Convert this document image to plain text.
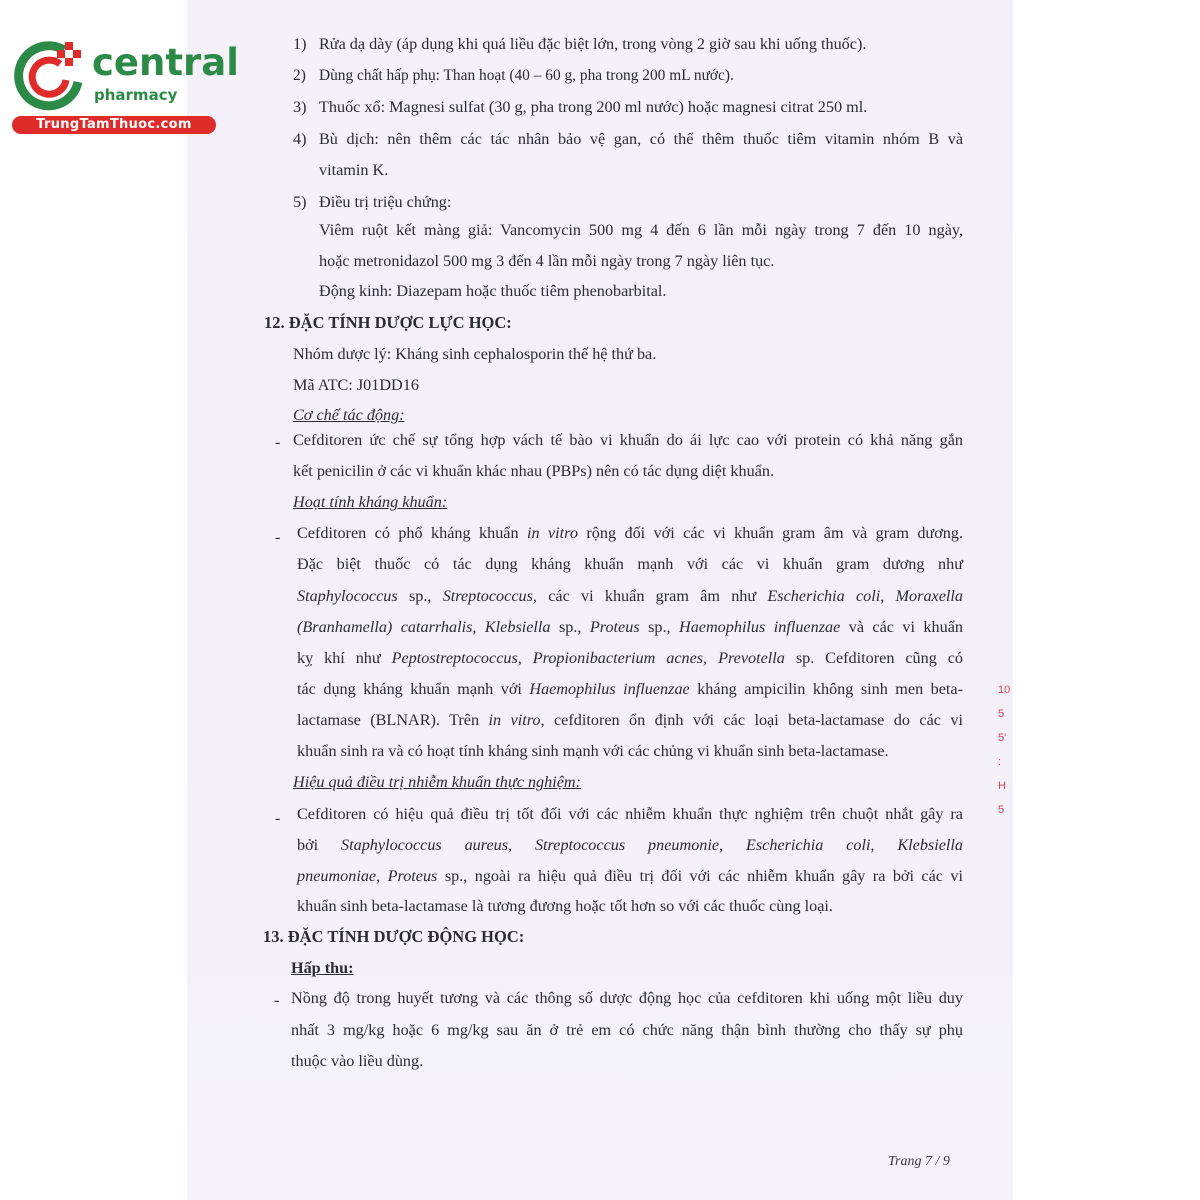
1) Rửa dạ dày (áp dụng khi quá liều đặc biệt lớn, trong vòng 2 giờ sau khi uống thuốc).
2) Dùng chất hấp phụ: Than hoạt (40 – 60 g, pha trong 200 mL nước).
3) Thuốc xổ: Magnesi sulfat (30 g, pha trong 200 ml nước) hoặc magnesi citrat 250 ml.
4) Bù dịch: nên thêm các tác nhân bảo vệ gan, có thể thêm thuốc tiêm vitamin nhóm B và
vitamin K.
5) Điều trị triệu chứng:
Viêm ruột kết màng giả: Vancomycin 500 mg 4 đến 6 lần mỗi ngày trong 7 đến 10 ngày,
hoặc metronidazol 500 mg 3 đến 4 lần mỗi ngày trong 7 ngày liên tục.
Động kinh: Diazepam hoặc thuốc tiêm phenobarbital.
12. ĐẶC TÍNH DƯỢC LỰC HỌC:
Nhóm dược lý: Kháng sinh cephalosporin thế hệ thứ ba.
Mã ATC: J01DD16
Cơ chế tác động:
- Cefditoren ức chế sự tổng hợp vách tế bào vi khuẩn do ái lực cao với protein có khả năng gắn
kết penicilin ở các vi khuẩn khác nhau (PBPs) nên có tác dụng diệt khuẩn.
Hoạt tính kháng khuẩn:
- Cefditoren có phổ kháng khuẩn in vitro rộng đối với các vi khuẩn gram âm và gram dương.
Đặc biệt thuốc có tác dụng kháng khuẩn mạnh với các vi khuẩn gram dương như
Staphylococcus sp., Streptococcus, các vi khuẩn gram âm như Escherichia coli, Moraxella
(Branhamella) catarrhalis, Klebsiella sp., Proteus sp., Haemophilus influenzae và các vi khuẩn
kỵ khí như Peptostreptococcus, Propionibacterium acnes, Prevotella sp. Cefditoren cũng có
tác dụng kháng khuẩn mạnh với Haemophilus influenzae kháng ampicilin không sinh men beta-
lactamase (BLNAR). Trên in vitro, cefditoren ổn định với các loại beta-lactamase do các vi
khuẩn sinh ra và có hoạt tính kháng sinh mạnh với các chủng vi khuẩn sinh beta-lactamase.
Hiệu quả điều trị nhiễm khuẩn thực nghiệm:
- Cefditoren có hiệu quả điều trị tốt đối với các nhiễm khuẩn thực nghiệm trên chuột nhắt gây ra
bởi Staphylococcus aureus, Streptococcus pneumonie, Escherichia coli, Klebsiella
pneumoniae, Proteus sp., ngoài ra hiệu quả điều trị đối với các nhiễm khuẩn gây ra bởi các vi
khuẩn sinh beta-lactamase là tương đương hoặc tốt hơn so với các thuốc cùng loại.
13. ĐẶC TÍNH DƯỢC ĐỘNG HỌC:
Hấp thu:
- Nồng độ trong huyết tương và các thông số dược động học của cefditoren khi uống một liều duy
nhất 3 mg/kg hoặc 6 mg/kg sau ăn ở trẻ em có chức năng thận bình thường cho thấy sự phụ
thuộc vào liều dùng.
10
5
5'
:
H
5
Trang 7 / 9
central
pharmacy
TrungTamThuoc.com
